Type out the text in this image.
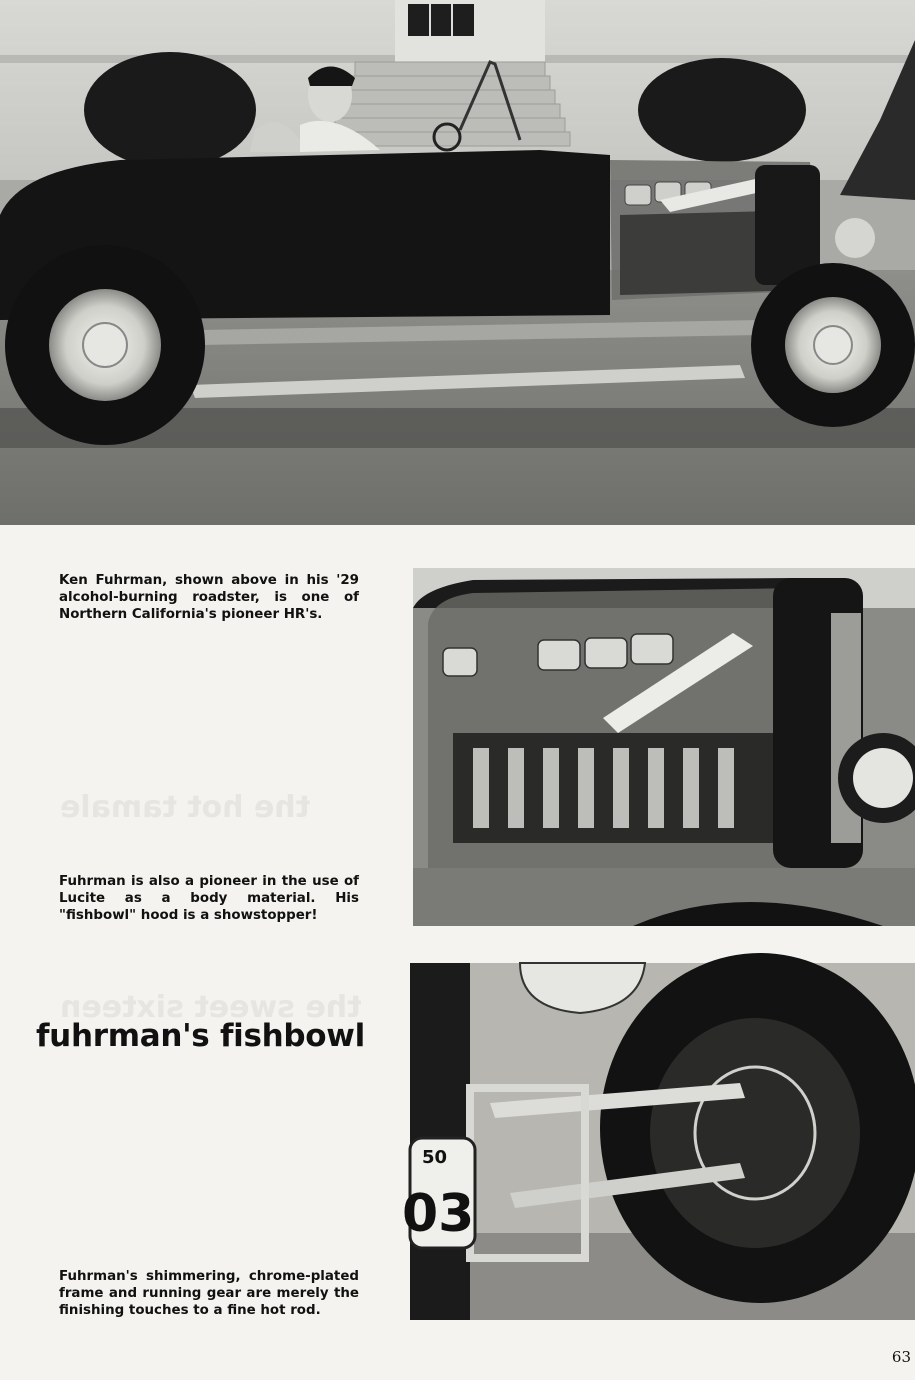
the hot tamale
the sweet sixteen

Ken Fuhrman, shown above in his '29 alcohol-burning roadster, is one of Northern California's pioneer HR's.

Fuhrman is also a pioneer in the use of Lucite as a body material. His "fishbowl" hood is a showstopper!

fuhrman's fishbowl
50
03

Fuhrman's shimmering, chrome-plated frame and running gear are merely the finishing touches to a fine hot rod.

63
